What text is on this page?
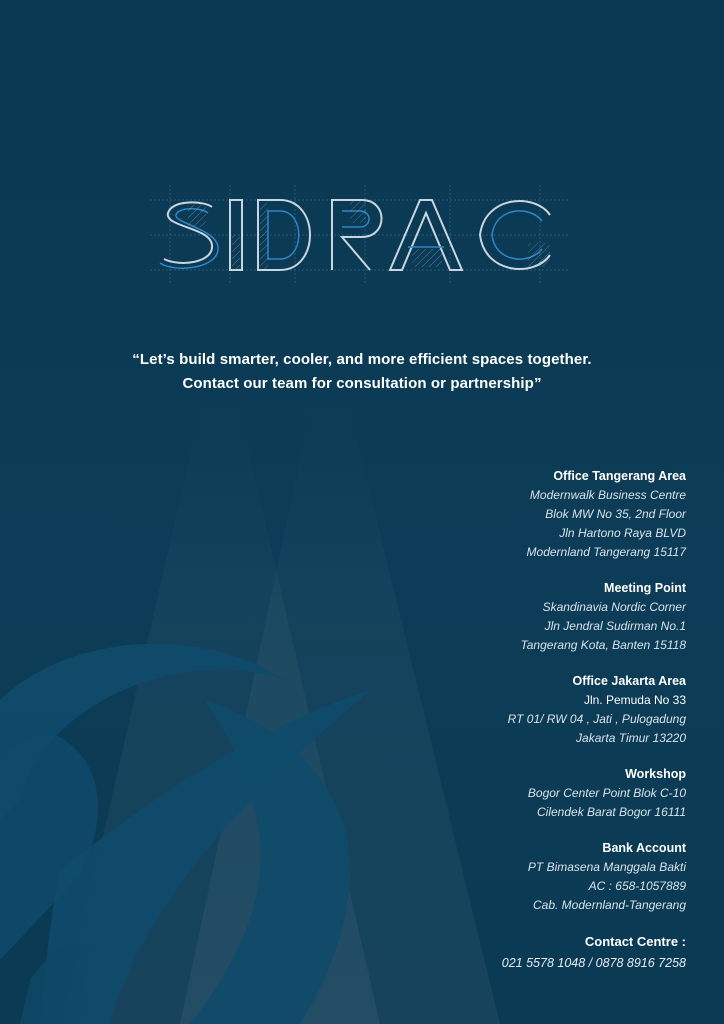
“Let’s build smarter, cooler, and more efficient spaces together.
Contact our team for consultation or partnership”
Office Tangerang Area
Modernwalk Business Centre
Blok MW No 35, 2nd Floor
Jln Hartono Raya BLVD
Modernland Tangerang 15117
Meeting Point
Skandinavia Nordic Corner
Jln Jendral Sudirman No.1
Tangerang Kota, Banten 15118
Office Jakarta Area
Jln. Pemuda No 33
RT 01/ RW 04 , Jati , Pulogadung
Jakarta Timur 13220
Workshop
Bogor Center Point Blok C-10
Cilendek Barat Bogor 16111
Bank Account
PT Bimasena Manggala Bakti
AC : 658-1057889
Cab. Modernland-Tangerang
Contact Centre :
021 5578 1048 / 0878 8916 7258
